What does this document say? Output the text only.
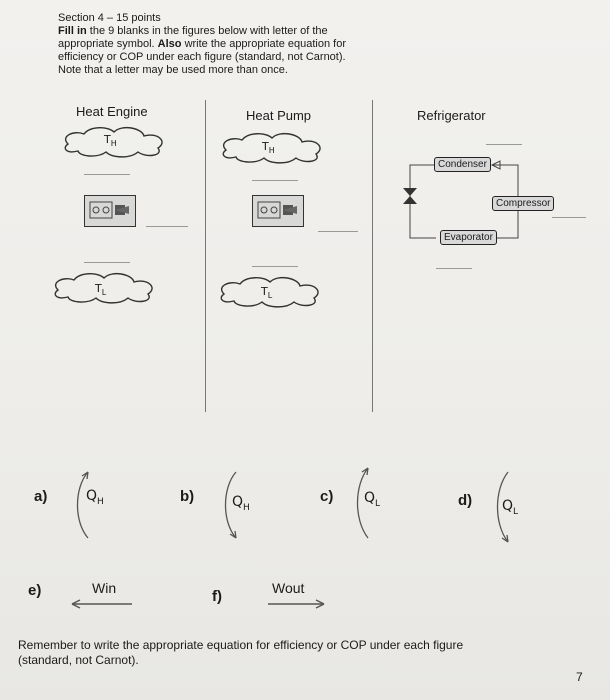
Section 4 – 15 points
Fill in the 9 blanks in the figures below with letter of the
appropriate symbol. Also write the appropriate equation for
efficiency or COP under each figure (standard, not Carnot).
Note that a letter may be used more than once.
Heat Engine
$T_H$
$T_L$
Heat Pump
$T_H$
$T_L$
Refrigerator
Condenser
Compressor
Evaporator
a)	$Q_H$	b)	$Q_H$
c) $Q_L$	d) $Q_L$
e)	Win	f)	Wout
Remember to write the appropriate equation for efficiency or COP under each figure
(standard, not Carnot).
7
